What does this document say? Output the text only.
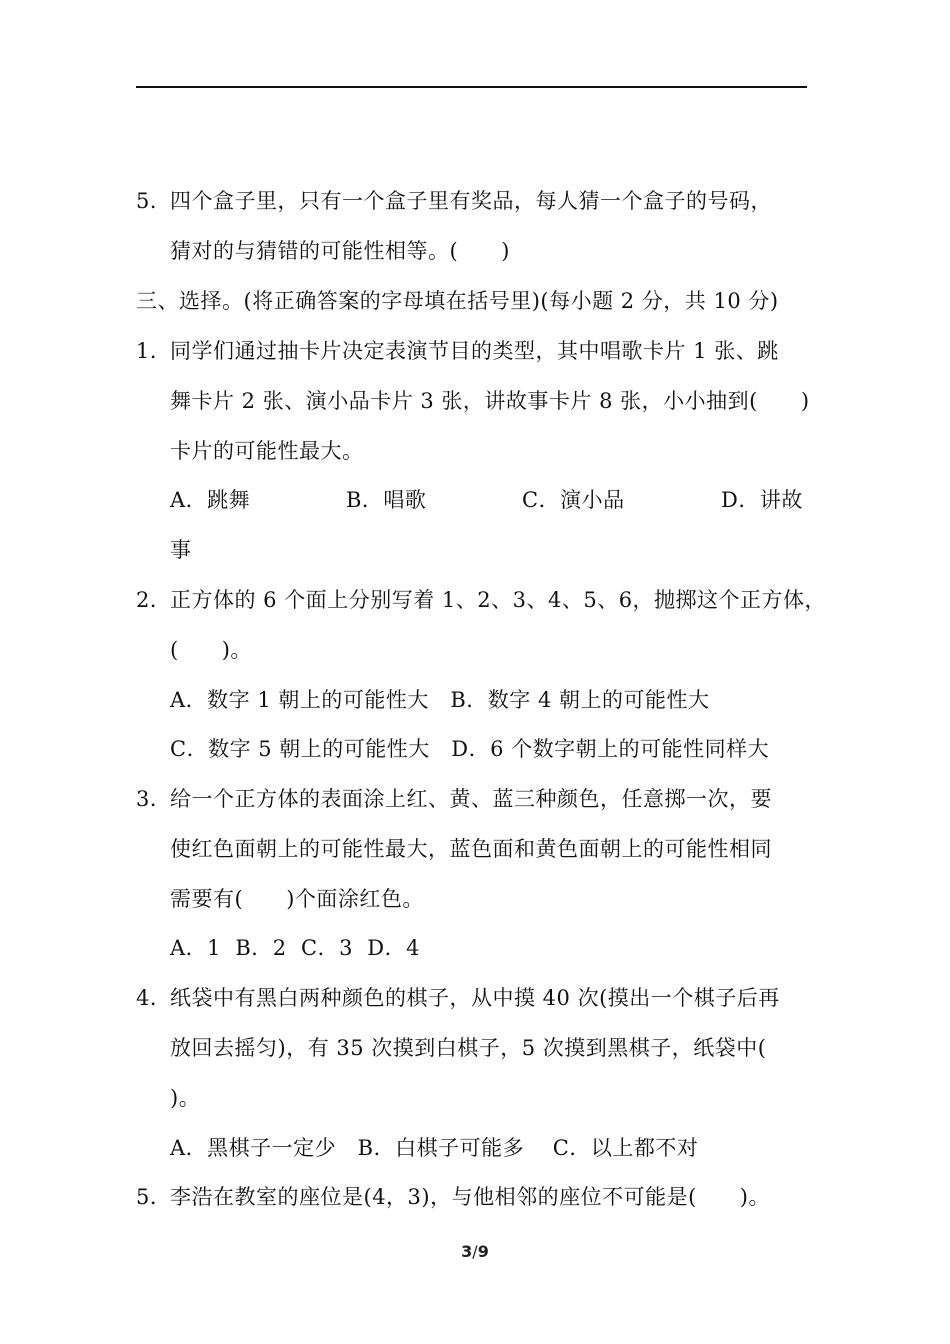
5．
四个盒子里，只有一个盒子里有奖品，每人猜一个盒子的号码，
猜对的与猜错的可能性相等。(　　)
三、选择。(将正确答案的字母填在括号里)(每小题 2 分，共 10 分)
1．
同学们通过抽卡片决定表演节目的类型，其中唱歌卡片 1 张、跳
舞卡片 2 张、演小品卡片 3 张，讲故事卡片 8 张，小小抽到(　　)
卡片的可能性最大。
A．跳舞	B．唱歌	C．演小品	D．讲故
事
2．
正方体的 6 个面上分别写着 1、2、3、4、5、6，抛掷这个正方体，
(　　)。
A．数字 1 朝上的可能性大　B．数字 4 朝上的可能性大
C．数字 5 朝上的可能性大　D．6 个数字朝上的可能性同样大
3．
给一个正方体的表面涂上红、黄、蓝三种颜色，任意掷一次，要
使红色面朝上的可能性最大，蓝色面和黄色面朝上的可能性相同
需要有(　　)个面涂红色。
A．1  B．2  C．3  D．4
4．
纸袋中有黑白两种颜色的棋子，从中摸 40 次(摸出一个棋子后再
放回去摇匀)，有 35 次摸到白棋子，5 次摸到黑棋子，纸袋中(
)。
A．黑棋子一定少　B．白棋子可能多　 C．以上都不对
5．
李浩在教室的座位是(4，3)，与他相邻的座位不可能是(　　)。
3/9
